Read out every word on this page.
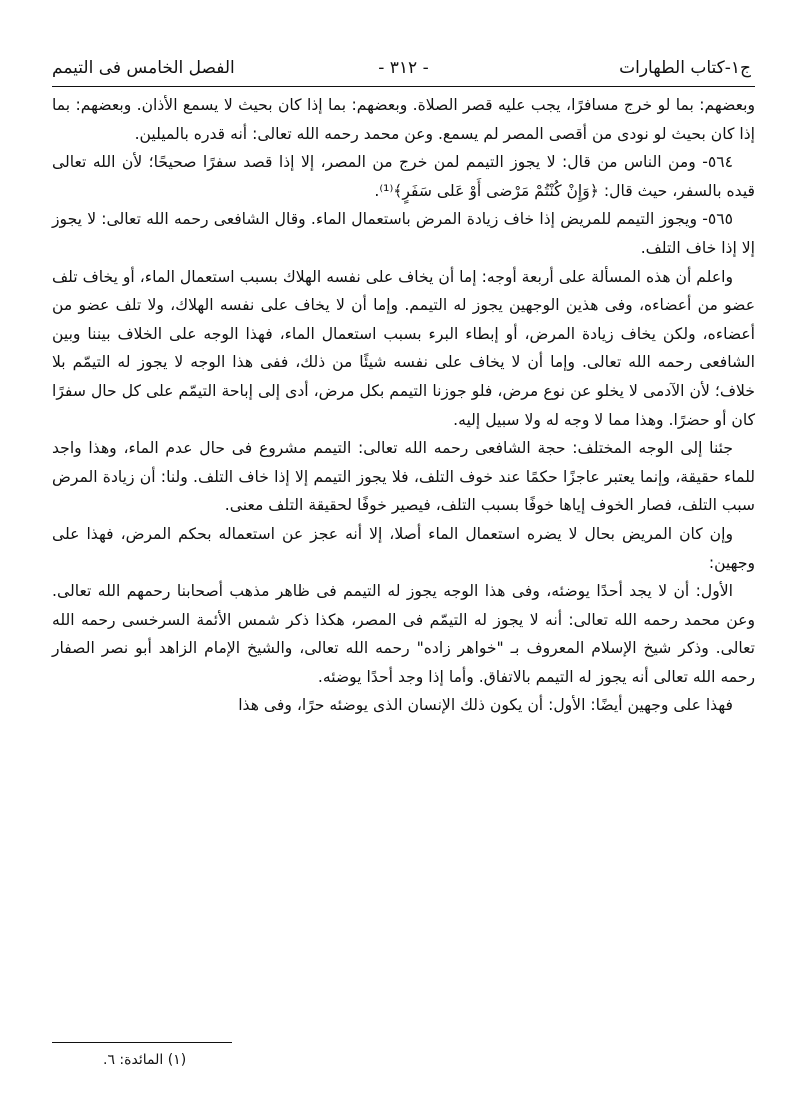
ج١-كتاب الطهارات
- ٣١٢ -
الفصل الخامس فى التيمم

وبعضهم: بما لو خرج مسافرًا، يجب عليه قصر الصلاة. وبعضهم: بما إذا كان بحيث لا يسمع الأذان. وبعضهم: بما إذا كان بحيث لو نودى من أقصى المصر لم يسمع. وعن محمد رحمه الله تعالى: أنه قدره بالميلين.

٥٦٤- ومن الناس من قال: لا يجوز التيمم لمن خرج من المصر، إلا إذا قصد سفرًا صحيحًا؛ لأن الله تعالى قيده بالسفر، حيث قال: ﴿وَإِنْ كُنْتُمْ مَرْضى أَوْ عَلى سَفَرٍ﴾⁽¹⁾.

٥٦٥- ويجوز التيمم للمريض إذا خاف زيادة المرض باستعمال الماء. وقال الشافعى رحمه الله تعالى: لا يجوز إلا إذا خاف التلف.

واعلم أن هذه المسألة على أربعة أوجه: إما أن يخاف على نفسه الهلاك بسبب استعمال الماء، أو يخاف تلف عضو من أعضاءه، وفى هذين الوجهين يجوز له التيمم. وإما أن لا يخاف على نفسه الهلاك، ولا تلف عضو من أعضاءه، ولكن يخاف زيادة المرض، أو إبطاء البرء بسبب استعمال الماء، فهذا الوجه على الخلاف بيننا وبين الشافعى رحمه الله تعالى. وإما أن لا يخاف على نفسه شيئًا من ذلك، ففى هذا الوجه لا يجوز له التيمّم بلا خلاف؛ لأن الآدمى لا يخلو عن نوع مرض، فلو جوزنا التيمم بكل مرض، أدى إلى إباحة التيمّم على كل حال سفرًا كان أو حضرًا. وهذا مما لا وجه له ولا سبيل إليه.

جئنا إلى الوجه المختلف: حجة الشافعى رحمه الله تعالى: التيمم مشروع فى حال عدم الماء، وهذا واجد للماء حقيقة، وإنما يعتبر عاجزًا حكمًا عند خوف التلف، فلا يجوز التيمم إلا إذا خاف التلف. ولنا: أن زيادة المرض سبب التلف، فصار الخوف إياها خوفًا بسبب التلف، فيصير خوفًا لحقيقة التلف معنى.

وإن كان المريض بحال لا يضره استعمال الماء أصلا، إلا أنه عجز عن استعماله بحكم المرض، فهذا على وجهين:

الأول: أن لا يجد أحدًا يوضئه، وفى هذا الوجه يجوز له التيمم فى ظاهر مذهب أصحابنا رحمهم الله تعالى. وعن محمد رحمه الله تعالى: أنه لا يجوز له التيمّم فى المصر، هكذا ذكر شمس الأئمة السرخسى رحمه الله تعالى. وذكر شيخ الإسلام المعروف بـ "خواهر زاده" رحمه الله تعالى، والشيخ الإمام الزاهد أبو نصر الصفار رحمه الله تعالى أنه يجوز له التيمم بالاتفاق. وأما إذا وجد أحدًا يوضئه.

فهذا على وجهين أيضًا: الأول: أن يكون ذلك الإنسان الذى يوضئه حرًا، وفى هذا

(١) المائدة: ٦.
